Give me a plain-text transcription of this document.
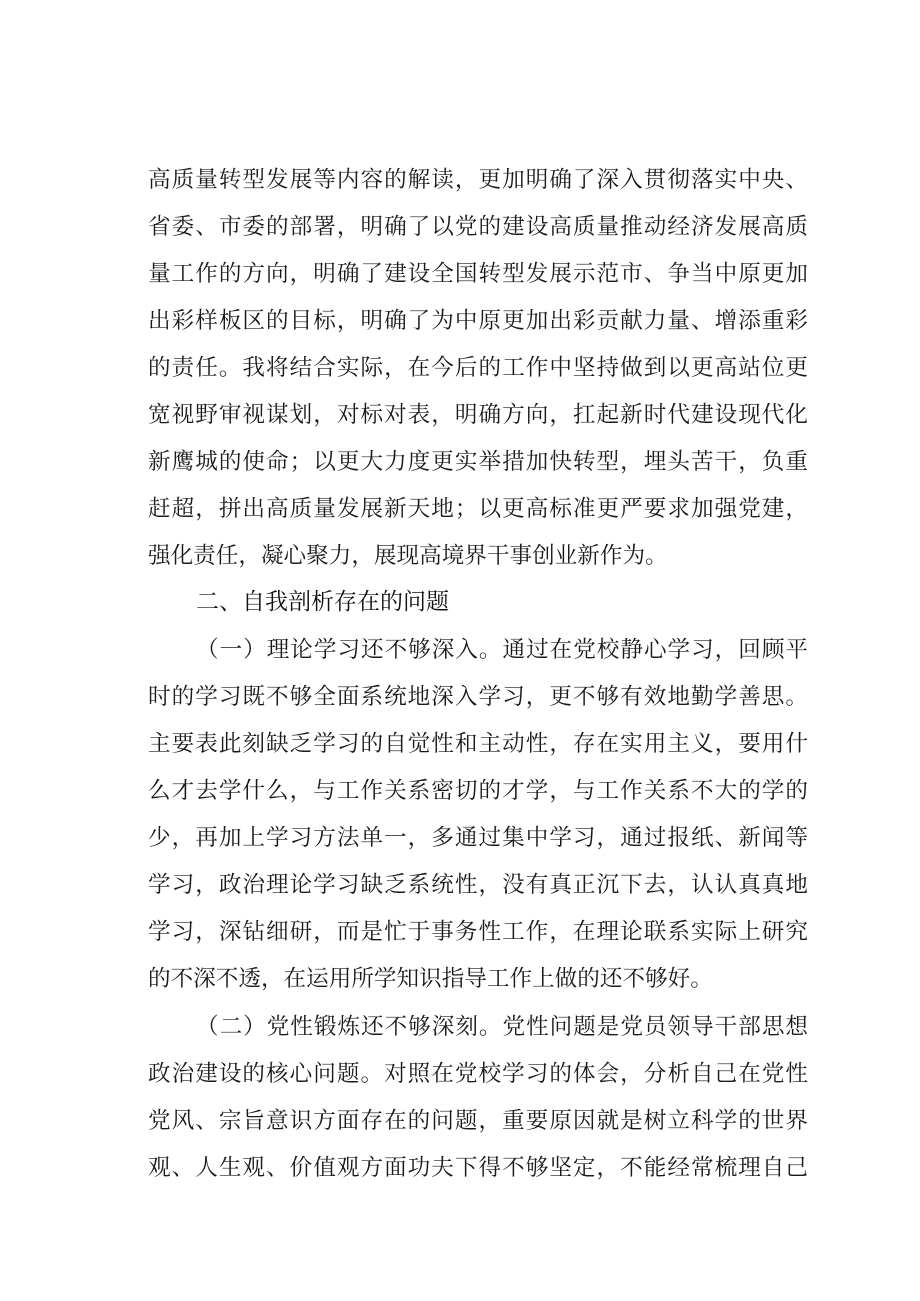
高质量转型发展等内容的解读，更加明确了深入贯彻落实中央、
省委、市委的部署，明确了以党的建设高质量推动经济发展高质
量工作的方向，明确了建设全国转型发展示范市、争当中原更加
出彩样板区的目标，明确了为中原更加出彩贡献力量、增添重彩
的责任。我将结合实际，在今后的工作中坚持做到以更高站位更
宽视野审视谋划，对标对表，明确方向，扛起新时代建设现代化
新鹰城的使命；以更大力度更实举措加快转型，埋头苦干，负重
赶超，拼出高质量发展新天地；以更高标准更严要求加强党建，
强化责任，凝心聚力，展现高境界干事创业新作为。
二、自我剖析存在的问题
（一）理论学习还不够深入。通过在党校静心学习，回顾平
时的学习既不够全面系统地深入学习，更不够有效地勤学善思。
主要表此刻缺乏学习的自觉性和主动性，存在实用主义，要用什
么才去学什么，与工作关系密切的才学，与工作关系不大的学的
少，再加上学习方法单一，多通过集中学习，通过报纸、新闻等
学习，政治理论学习缺乏系统性，没有真正沉下去，认认真真地
学习，深钻细研，而是忙于事务性工作，在理论联系实际上研究
的不深不透，在运用所学知识指导工作上做的还不够好。
（二）党性锻炼还不够深刻。党性问题是党员领导干部思想
政治建设的核心问题。对照在党校学习的体会，分析自己在党性
党风、宗旨意识方面存在的问题，重要原因就是树立科学的世界
观、人生观、价值观方面功夫下得不够坚定，不能经常梳理自己
